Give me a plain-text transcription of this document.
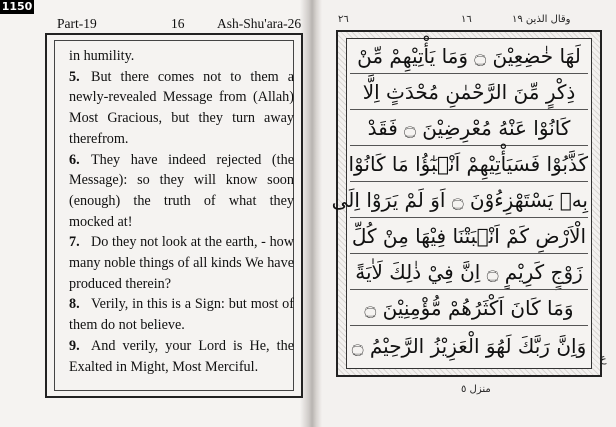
1150
Part-19	16 Ash-Shu'ara-26

in humility.

5. But there comes not to them a newly-revealed Message from (Allah) Most Gracious, but they turn away therefrom.

6. They have indeed rejected (the Message): so they will know soon (enough) the truth of what they mocked at!

7. Do they not look at the earth, - how many noble things of all kinds We have produced therein?

8. Verily, in this is a Sign: but most of them do not believe.

9. And verily, your Lord is He, the Exalted in Might, Most Merciful.

٢٦	١٦	وقال الذين ١٩
لَهَا خٰضِعِيْنَ ۝ وَمَا يَأْتِيْهِمْ مِّنْ
ذِكْرٍ مِّنَ الرَّحْمٰنِ مُحْدَثٍ اِلَّا
كَانُوْا عَنْهُ مُعْرِضِيْنَ ۝ فَقَدْ
كَذَّبُوْا فَسَيَأْتِيْهِمْ اَنْۢبٰٓؤُا مَا كَانُوْا
بِهٖ يَسْتَهْزِءُوْنَ ۝ اَوَ لَمْ يَرَوْا اِلَى
الْاَرْضِ كَمْ اَنْۢبَتْنَا فِيْهَا مِنْ كُلِّ
زَوْجٍ كَرِيْمٍ ۝ اِنَّ فِيْ ذٰلِكَ لَاٰيَةً
وَمَا كَانَ اَكْثَرُهُمْ مُّؤْمِنِيْنَ ۝
وَاِنَّ رَبَّكَ لَهُوَ الْعَزِيْزُ الرَّحِيْمُ ۝
ع
منزل ٥
